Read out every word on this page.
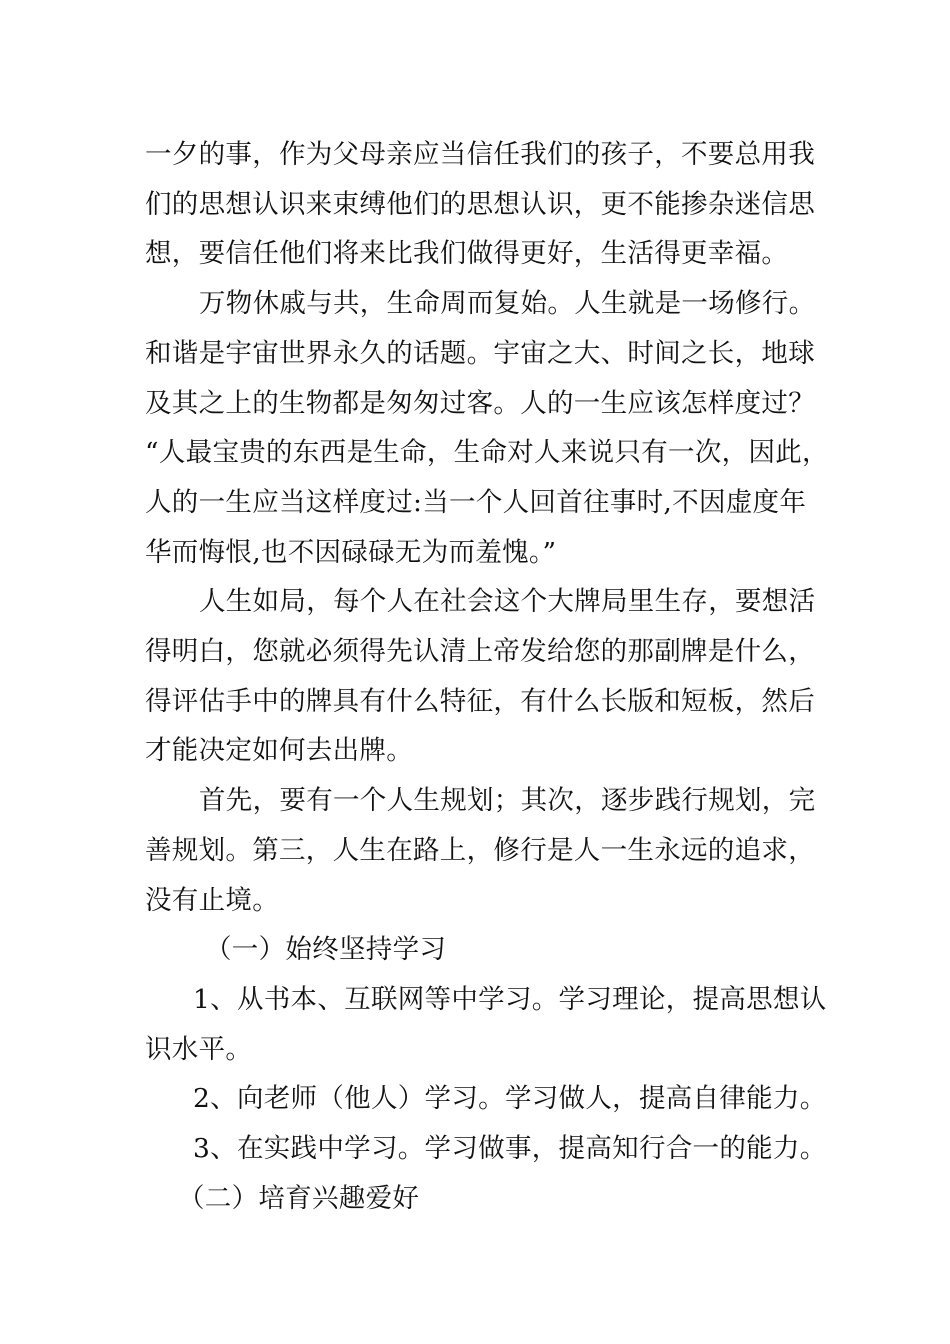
一夕的事，作为父母亲应当信任我们的孩子，不要总用我
们的思想认识来束缚他们的思想认识，更不能掺杂迷信思
想，要信任他们将来比我们做得更好，生活得更幸福。
万物休戚与共，生命周而复始。人生就是一场修行。
和谐是宇宙世界永久的话题。宇宙之大、时间之长，地球
及其之上的生物都是匆匆过客。人的一生应该怎样度过？
“人最宝贵的东西是生命，生命对人来说只有一次，因此，
人的一生应当这样度过:当一个人回首往事时,不因虚度年
华而悔恨,也不因碌碌无为而羞愧。”
人生如局，每个人在社会这个大牌局里生存，要想活
得明白，您就必须得先认清上帝发给您的那副牌是什么，
得评估手中的牌具有什么特征，有什么长版和短板，然后
才能决定如何去出牌。
首先，要有一个人生规划；其次，逐步践行规划，完
善规划。第三，人生在路上，修行是人一生永远的追求，
没有止境。
（一）始终坚持学习
1、从书本、互联网等中学习。学习理论，提高思想认
识水平。
2、向老师（他人）学习。学习做人，提高自律能力。
3、在实践中学习。学习做事，提高知行合一的能力。
（二）培育兴趣爱好
